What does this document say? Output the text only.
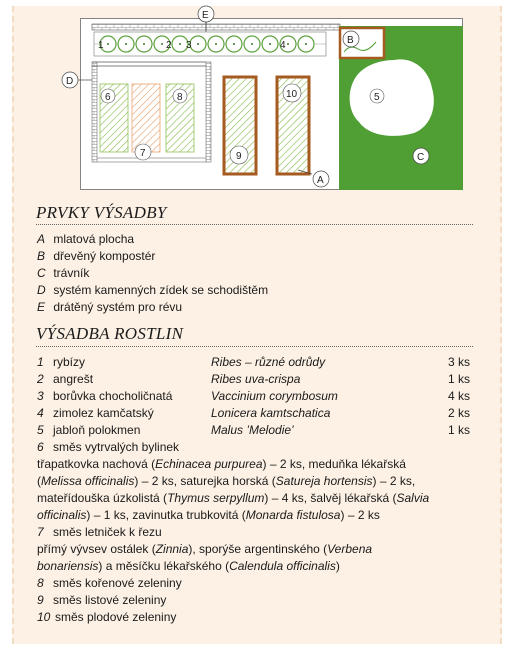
1	2 3	4
6
7
8
9
10	5
B
C
A
E
D
PRVKY VÝSADBY
A mlatová plocha
B dřevěný kompostér
C trávník
D systém kamenných zídek se schodištěm
E drátěný systém pro révu
VÝSADBA ROSTLIN
1 rybízy	Ribes – různé odrůdy	3 ks
2 angrešt	Ribes uva-crispa	1 ks
3 borůvka chocholičnatá	Vaccinium corymbosum	4 ks
4 zimolez kamčatský	Lonicera kamtschatica	2 ks
5 jabloň polokmen	Malus ’Melodie’	1 ks
6 směs vytrvalých bylinek
třapatkovka nachová (Echinacea purpurea) – 2 ks, meduňka lékařská
(Melissa officinalis) – 2 ks, saturejka horská (Satureja hortensis) – 2 ks,
mateřídouška úzkolistá (Thymus serpyllum) – 4 ks, šalvěj lékařská (Salvia
officinalis) – 1 ks, zavinutka trubkovitá (Monarda fistulosa) – 2 ks
7 směs letniček k řezu
přímý vývsev ostálek (Zinnia), sporýše argentinského (Verbena
bonariensis) a měsíčku lékařského (Calendula officinalis)
8 směs kořenové zeleniny
9 směs listové zeleniny
10 směs plodové zeleniny
